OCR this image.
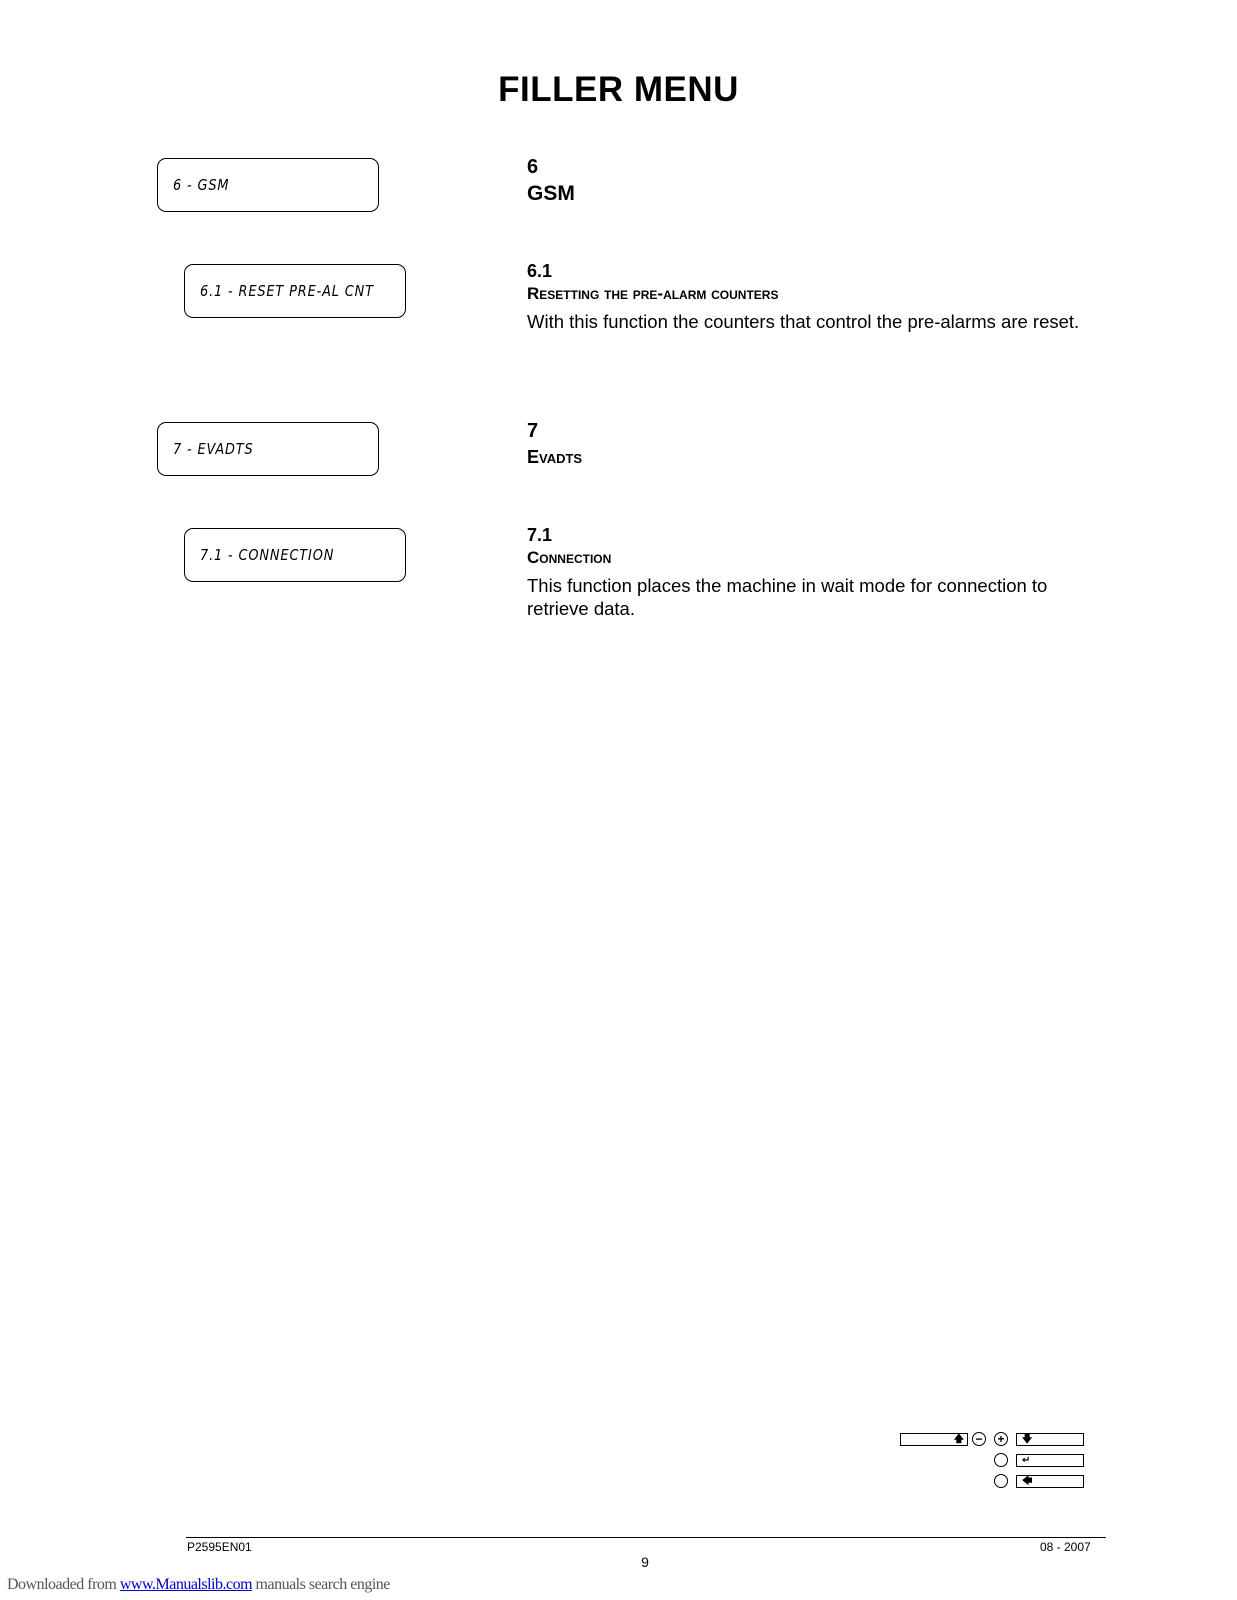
FILLER MENU
6 - GSM
6
GSM
6.1 - RESET PRE-AL CNT
6.1
Resetting the pre-alarm counters
With this function the counters that control the pre-alarms are reset.
7 - EVADTS
7
Evadts
7.1 - CONNECTION
7.1
Connection
This function places the machine in wait mode for connection to retrieve data.
🡅 − +	🡇
↵
🡄
P2595EN01	08 - 2007
9
Downloaded from www.Manualslib.com manuals search engine
